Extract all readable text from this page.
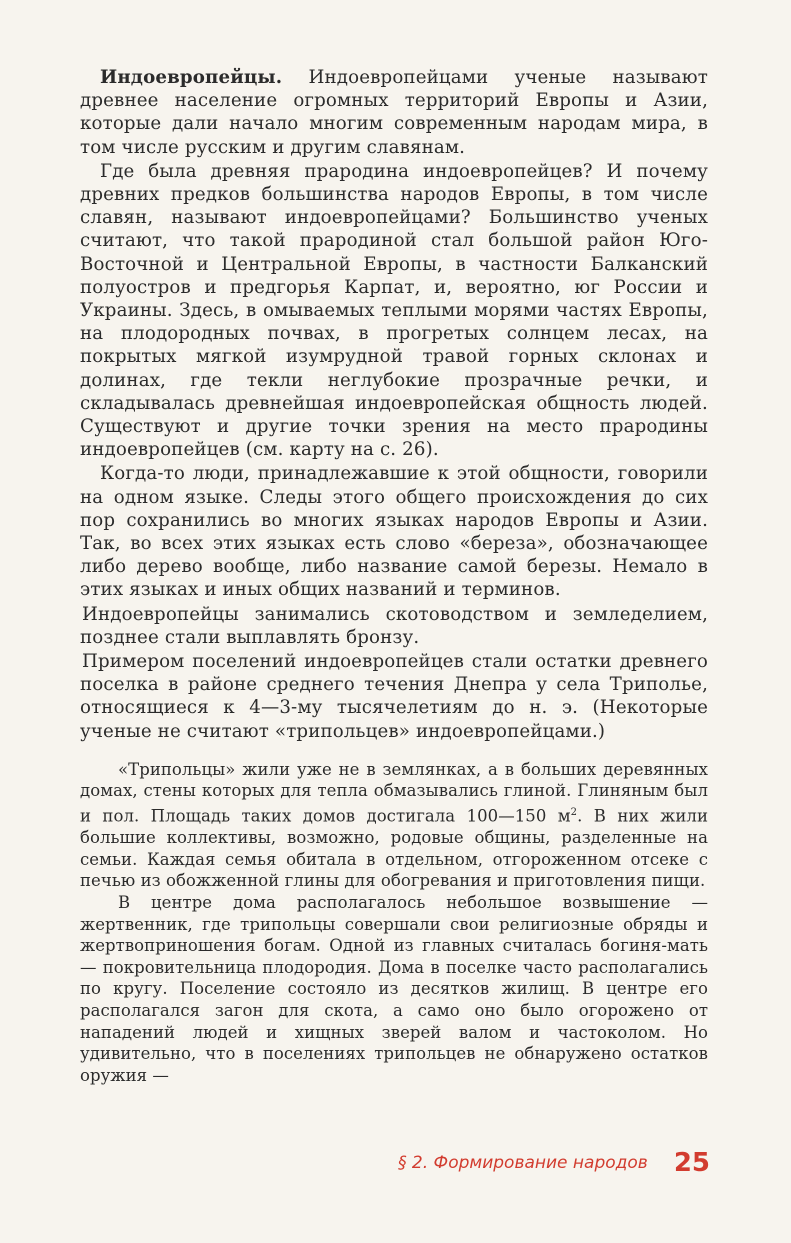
Индоевропейцы. Индоевропейцами ученые называют древнее население огромных территорий Европы и Азии, которые дали начало многим современным народам мира, в том числе русским и другим славянам.

Где была древняя прародина индоевропейцев? И почему древних предков большинства народов Европы, в том числе славян, называют индоевропейцами? Большинство ученых считают, что такой прародиной стал большой район Юго-Восточной и Центральной Европы, в частности Балканский полуостров и предгорья Карпат, и, вероятно, юг России и Украины. Здесь, в омываемых теплыми морями частях Европы, на плодородных почвах, в прогретых солнцем лесах, на покрытых мягкой изумрудной травой горных склонах и долинах, где текли неглубокие прозрачные речки, и складывалась древнейшая индоевропейская общность людей. Существуют и другие точки зрения на место прародины индоевропейцев (см. карту на с. 26).

Когда-то люди, принадлежавшие к этой общности, говорили на одном языке. Следы этого общего происхождения до сих пор сохранились во многих языках народов Европы и Азии. Так, во всех этих языках есть слово «береза», обозначающее либо дерево вообще, либо название самой березы. Немало в этих языках и иных общих названий и терминов.

Индоевропейцы занимались скотоводством и земледелием, позднее стали выплавлять бронзу.

Примером поселений индоевропейцев стали остатки древнего поселка в районе среднего течения Днепра у села Триполье, относящиеся к 4—3-му тысячелетиям до н. э. (Некоторые ученые не считают «трипольцев» индоевропейцами.)

«Трипольцы» жили уже не в землянках, а в больших деревянных домах, стены которых для тепла обмазывались глиной. Глиняным был и пол. Площадь таких домов достигала 100—150 $м^2$. В них жили большие коллективы, возможно, родовые общины, разделенные на семьи. Каждая семья обитала в отдельном, отгороженном отсеке с печью из обожженной глины для обогревания и приготовления пищи.

В центре дома располагалось небольшое возвышение — жертвенник, где трипольцы совершали свои религиозные обряды и жертвоприношения богам. Одной из главных считалась богиня-мать — покровительница плодородия. Дома в поселке часто располагались по кругу. Поселение состояло из десятков жилищ. В центре его располагался загон для скота, а само оно было огорожено от нападений людей и хищных зверей валом и частоколом. Но удивительно, что в поселениях трипольцев не обнаружено остатков оружия —

§ 2. Формирование народов 25
